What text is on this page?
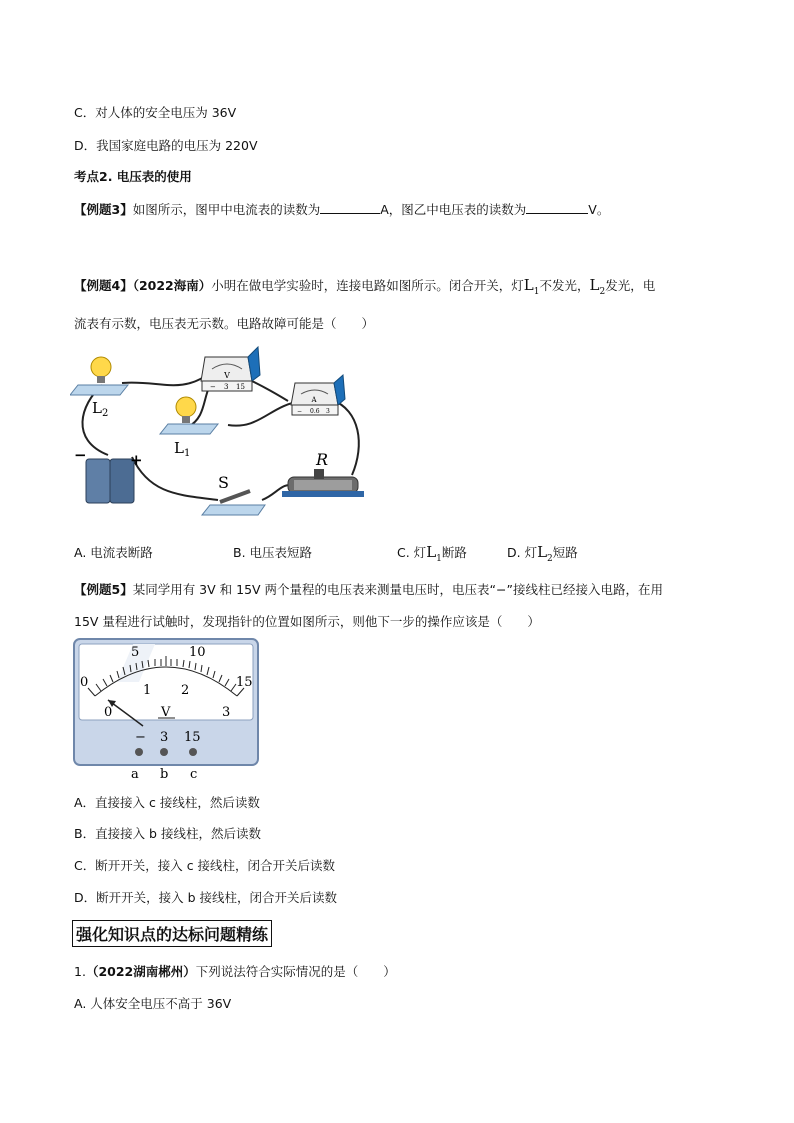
C．对人体的安全电压为 36V
D．我国家庭电路的电压为 220V
考点2. 电压表的使用
【例题3】如图所示，图甲中电流表的读数为	A，图乙中电压表的读数为	V。
【例题4】（2022海南）小明在做电学实验时，连接电路如图所示。闭合开关，灯$L_1$不发光，$L_2$发光，电
流表有示数，电压表无示数。电路故障可能是（　　）
V
− 3 15
A
− 0.6 3
$L_2$
$L_1$
−	+
S
R
A. 电流表断路	B. 电压表短路	C. 灯$L_1$断路	D. 灯$L_2$短路
【例题5】某同学用有 3V 和 15V 两个量程的电压表来测量电压时，电压表“−”接线柱已经接入电路，在用
15V 量程进行试触时，发现指针的位置如图所示，则他下一步的操作应该是（　　）
0
5	10
15
0
1 2
3
V
− 3 15
a b c
A．直接接入 c 接线柱，然后读数
B．直接接入 b 接线柱，然后读数
C．断开开关，接入 c 接线柱，闭合开关后读数
D．断开开关，接入 b 接线柱，闭合开关后读数
强化知识点的达标问题精练
1.（2022湖南郴州）下列说法符合实际情况的是（　　）
A. 人体安全电压不高于 36V
